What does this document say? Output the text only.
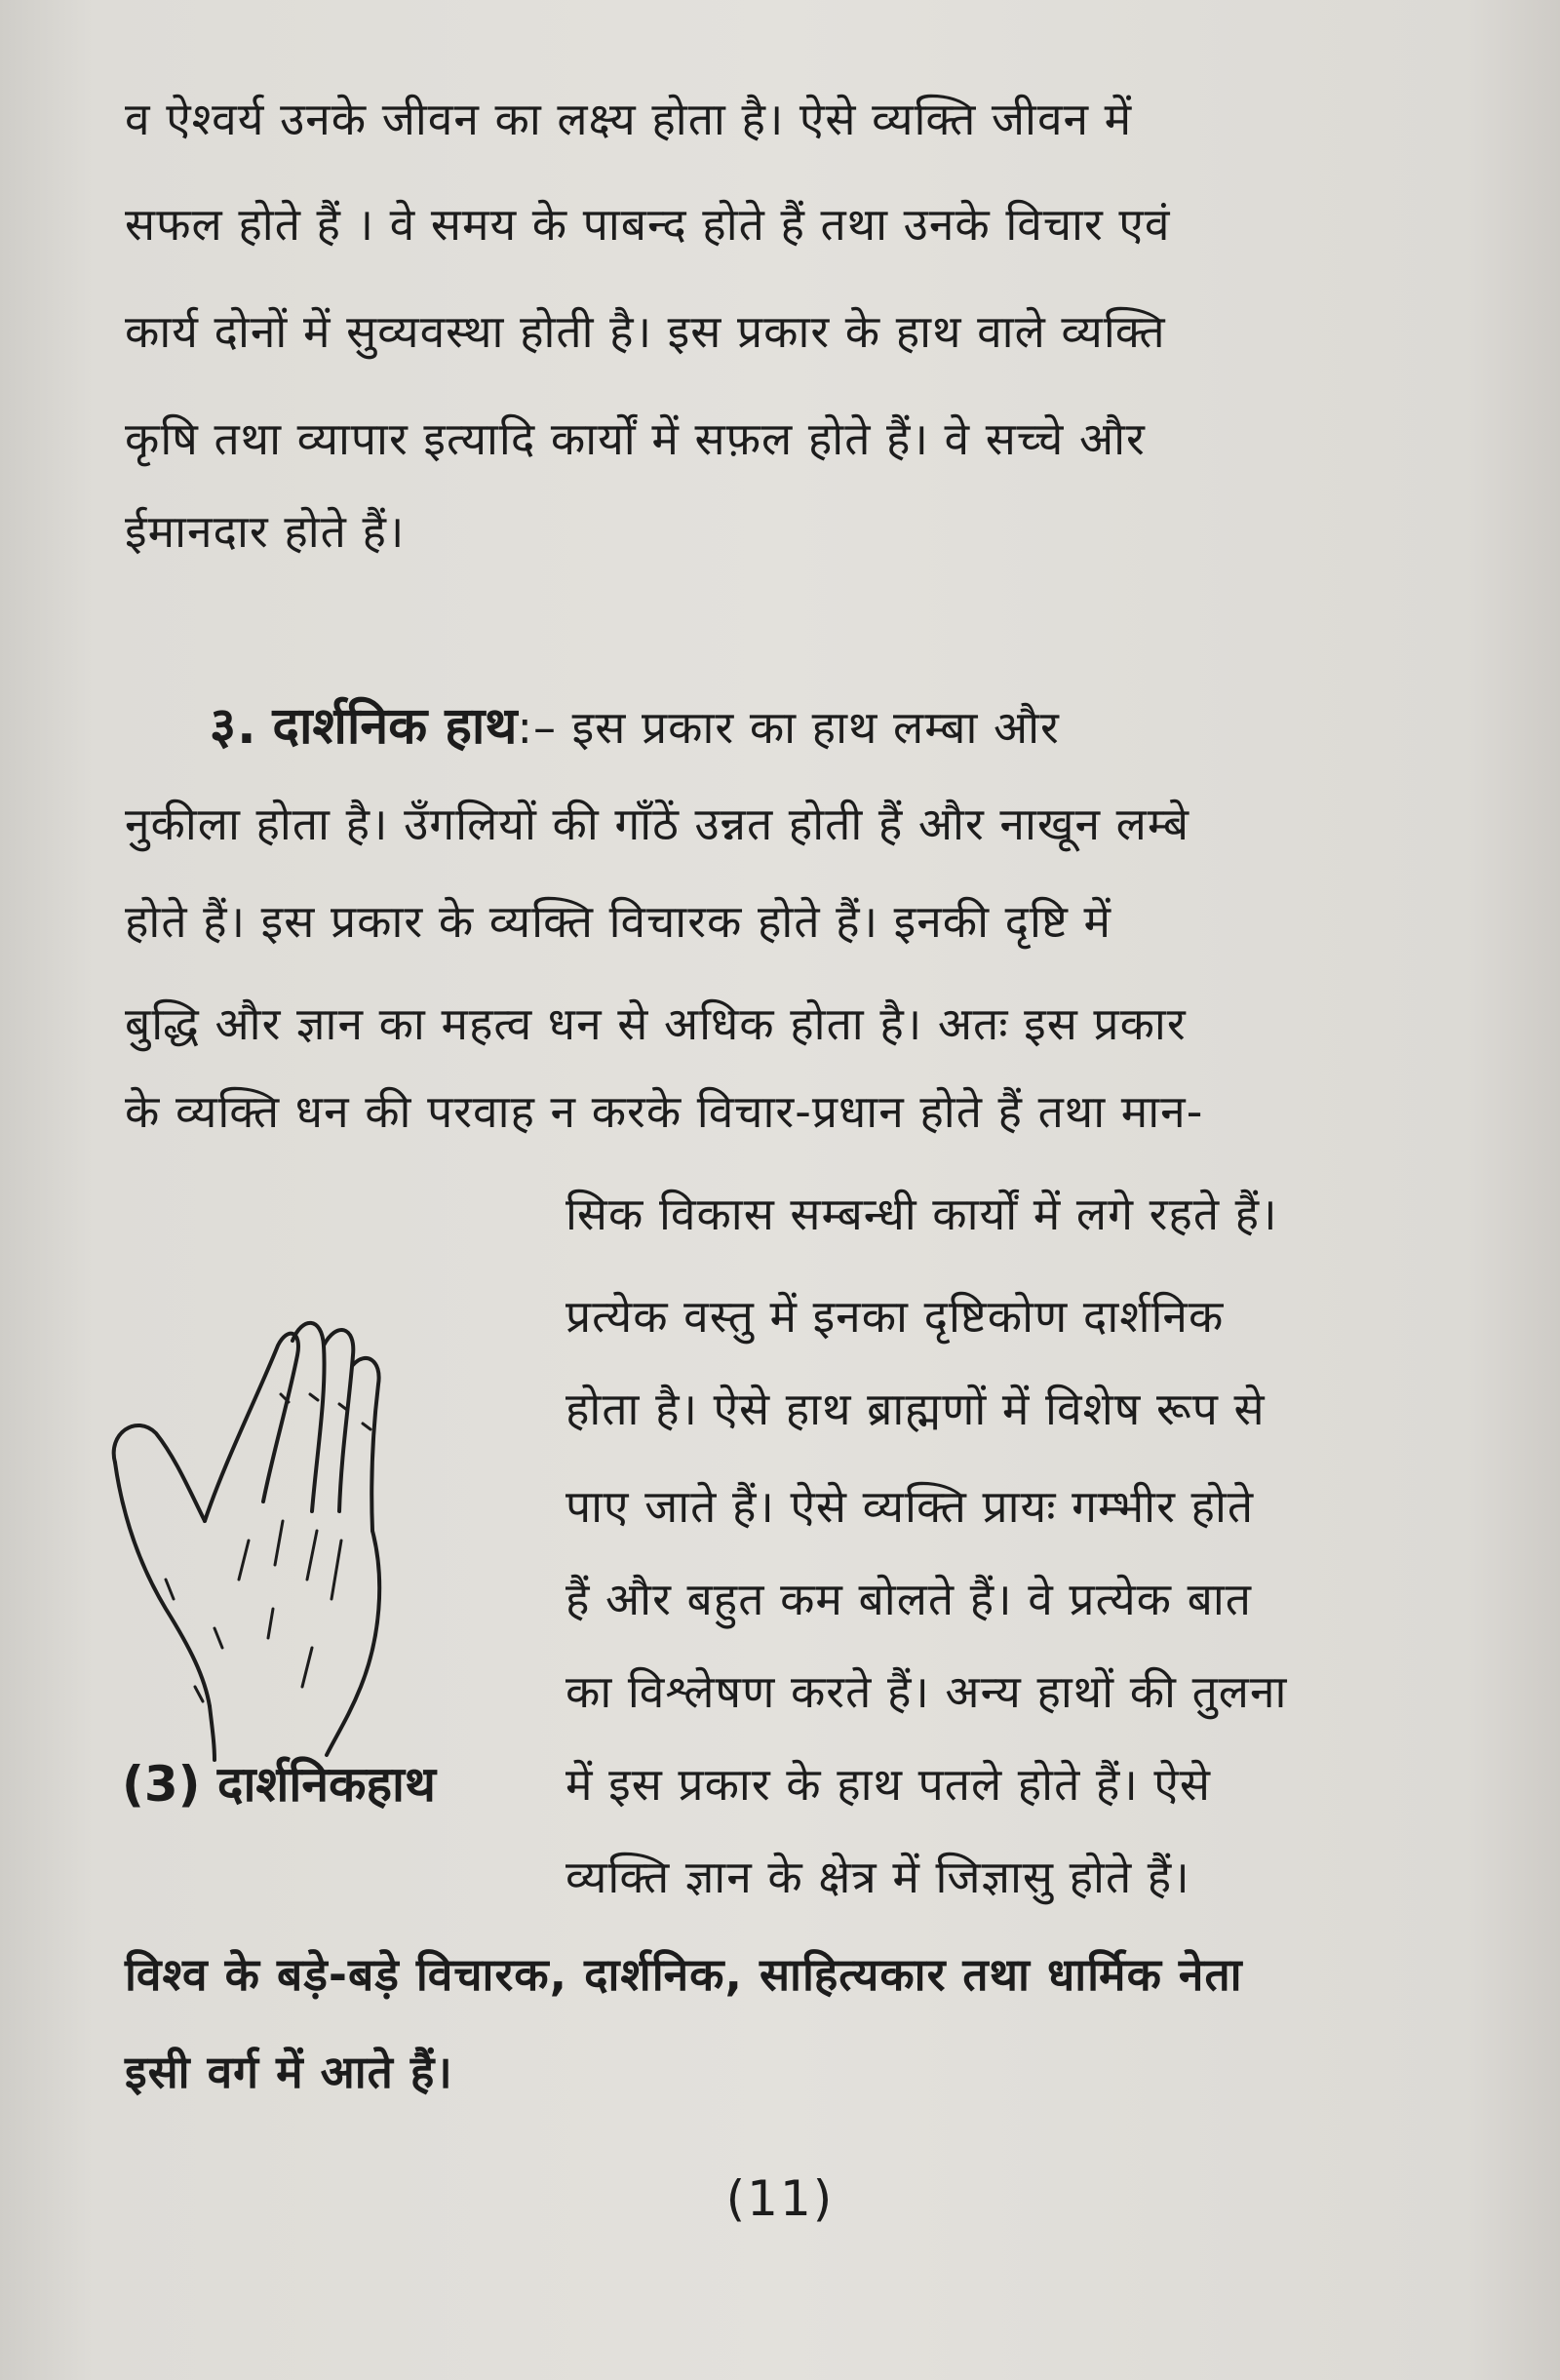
व ऐश्वर्य उनके जीवन का लक्ष्य होता है। ऐसे व्यक्ति जीवन में
सफल होते हैं । वे समय के पाबन्द होते हैं तथा उनके विचार एवं
कार्य दोनों में सुव्यवस्था होती है। इस प्रकार के हाथ वाले व्यक्ति
कृषि तथा व्यापार इत्यादि कार्यों में सफ़ल होते हैं। वे सच्चे और
ईमानदार होते हैं।
३. दार्शनिक हाथ:– इस प्रकार का हाथ लम्बा और
नुकीला होता है। उँगलियों की गाँठें उन्नत होती हैं और नाखून लम्बे
होते हैं। इस प्रकार के व्यक्ति विचारक होते हैं। इनकी दृष्टि में
बुद्धि और ज्ञान का महत्व धन से अधिक होता है। अतः इस प्रकार
के व्यक्ति धन की परवाह न करके विचार-प्रधान होते हैं तथा मान-
सिक विकास सम्बन्धी कार्यों में लगे रहते हैं।
प्रत्येक वस्तु में इनका दृष्टिकोण दार्शनिक
होता है। ऐसे हाथ ब्राह्मणों में विशेष रूप से
पाए जाते हैं। ऐसे व्यक्ति प्रायः गम्भीर होते
हैं और बहुत कम बोलते हैं। वे प्रत्येक बात
का विश्लेषण करते हैं। अन्य हाथों की तुलना
में इस प्रकार के हाथ पतले होते हैं। ऐसे
व्यक्ति ज्ञान के क्षेत्र में जिज्ञासु होते हैं।
(3) दार्शनिकहाथ
विश्व के बड़े-बड़े विचारक, दार्शनिक, साहित्यकार तथा धार्मिक नेता
इसी वर्ग में आते हैं।
(11)
